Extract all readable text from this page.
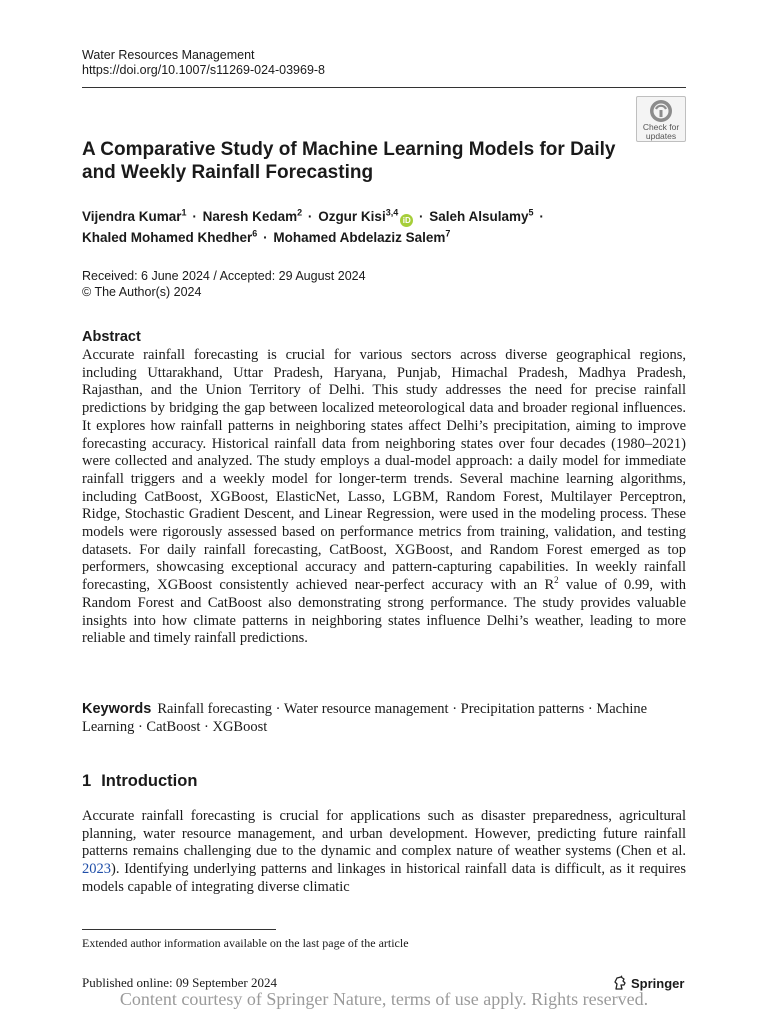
Water Resources Management
https://doi.org/10.1007/s11269-024-03969-8
Check for
updates
A Comparative Study of Machine Learning Models for Daily and Weekly Rainfall Forecasting
Vijendra Kumar$^1$ · Naresh Kedam$^2$ · Ozgur Kisi$^{3,4}$iD · Saleh Alsulamy$^5$ ·
Khaled Mohamed Khedher$^6$ · Mohamed Abdelaziz Salem$^7$
Received: 6 June 2024 / Accepted: 29 August 2024
© The Author(s) 2024
Abstract

Accurate rainfall forecasting is crucial for various sectors across diverse geographical regions, including Uttarakhand, Uttar Pradesh, Haryana, Punjab, Himachal Pradesh, Madhya Pradesh, Rajasthan, and the Union Territory of Delhi. This study addresses the need for precise rainfall predictions by bridging the gap between localized meteorological data and broader regional influences. It explores how rainfall patterns in neighboring states affect Delhi’s precipitation, aiming to improve forecasting accuracy. Historical rainfall data from neighboring states over four decades (1980–2021) were collected and analyzed. The study employs a dual-model approach: a daily model for immediate rainfall triggers and a weekly model for longer-term trends. Several machine learning algorithms, including CatBoost, XGBoost, ElasticNet, Lasso, LGBM, Random Forest, Multilayer Perceptron, Ridge, Stochastic Gradient Descent, and Linear Regression, were used in the modeling process. These models were rigorously assessed based on performance metrics from training, validation, and testing datasets. For daily rainfall forecasting, CatBoost, XGBoost, and Random Forest emerged as top performers, showcasing exceptional accuracy and pattern-capturing capabilities. In weekly rainfall forecasting, XGBoost consistently achieved near-perfect accuracy with an $R^2$ value of 0.99, with Random Forest and CatBoost also demonstrating strong performance. The study provides valuable insights into how climate patterns in neighboring states influence Delhi’s weather, leading to more reliable and timely rainfall predictions.

Keywords Rainfall forecasting · Water resource management · Precipitation patterns · Machine Learning · CatBoost · XGBoost
1 Introduction

Accurate rainfall forecasting is crucial for applications such as disaster preparedness, agricultural planning, water resource management, and urban development. However, predicting future rainfall patterns remains challenging due to the dynamic and complex nature of weather systems (Chen et al. 2023). Identifying underlying patterns and linkages in historical rainfall data is difficult, as it requires models capable of integrating diverse climatic

Extended author information available on the last page of the article
Published online: 09 September 2024	Springer
Content courtesy of Springer Nature, terms of use apply. Rights reserved.
